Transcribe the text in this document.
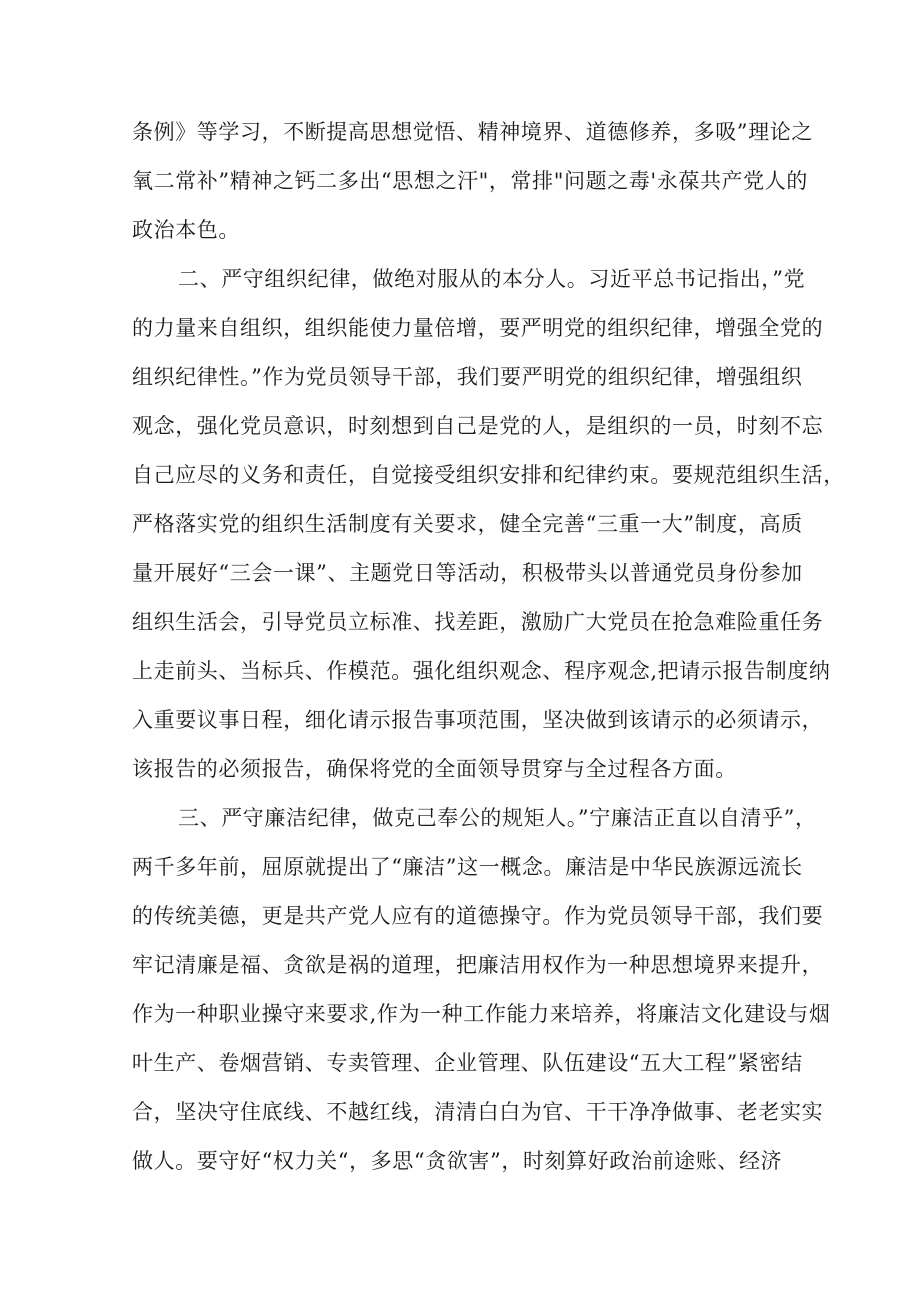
条例》等学习，不断提高思想觉悟、精神境界、道德修养，多吸”理论之
氧二常补”精神之钙二多出“思想之汗"，常排"问题之毒'永葆共产党人的
政治本色。
二、严守组织纪律，做绝对服从的本分人。习近平总书记指出，”党
的力量来自组织，组织能使力量倍增，要严明党的组织纪律，增强全党的
组织纪律性。”作为党员领导干部，我们要严明党的组织纪律，增强组织
观念，强化党员意识，时刻想到自己是党的人，是组织的一员，时刻不忘
自己应尽的义务和责任，自觉接受组织安排和纪律约束。要规范组织生活，
严格落实党的组织生活制度有关要求，健全完善“三重一大”制度，高质
量开展好“三会一课”、主题党日等活动，积极带头以普通党员身份参加
组织生活会，引导党员立标准、找差距，激励广大党员在抢急难险重任务
上走前头、当标兵、作模范。强化组织观念、程序观念,把请示报告制度纳
入重要议事日程，细化请示报告事项范围，坚决做到该请示的必须请示，
该报告的必须报告，确保将党的全面领导贯穿与全过程各方面。
三、严守廉洁纪律，做克己奉公的规矩人。”宁廉洁正直以自清乎”，
两千多年前，屈原就提出了“廉洁”这一概念。廉洁是中华民族源远流长
的传统美德，更是共产党人应有的道德操守。作为党员领导干部，我们要
牢记清廉是福、贪欲是祸的道理，把廉洁用权作为一种思想境界来提升，
作为一种职业操守来要求,作为一种工作能力来培养，将廉洁文化建设与烟
叶生产、卷烟营销、专卖管理、企业管理、队伍建设“五大工程”紧密结
合，坚决守住底线、不越红线，清清白白为官、干干净净做事、老老实实
做人。要守好“权力关“，多思“贪欲害”，时刻算好政治前途账、经济
